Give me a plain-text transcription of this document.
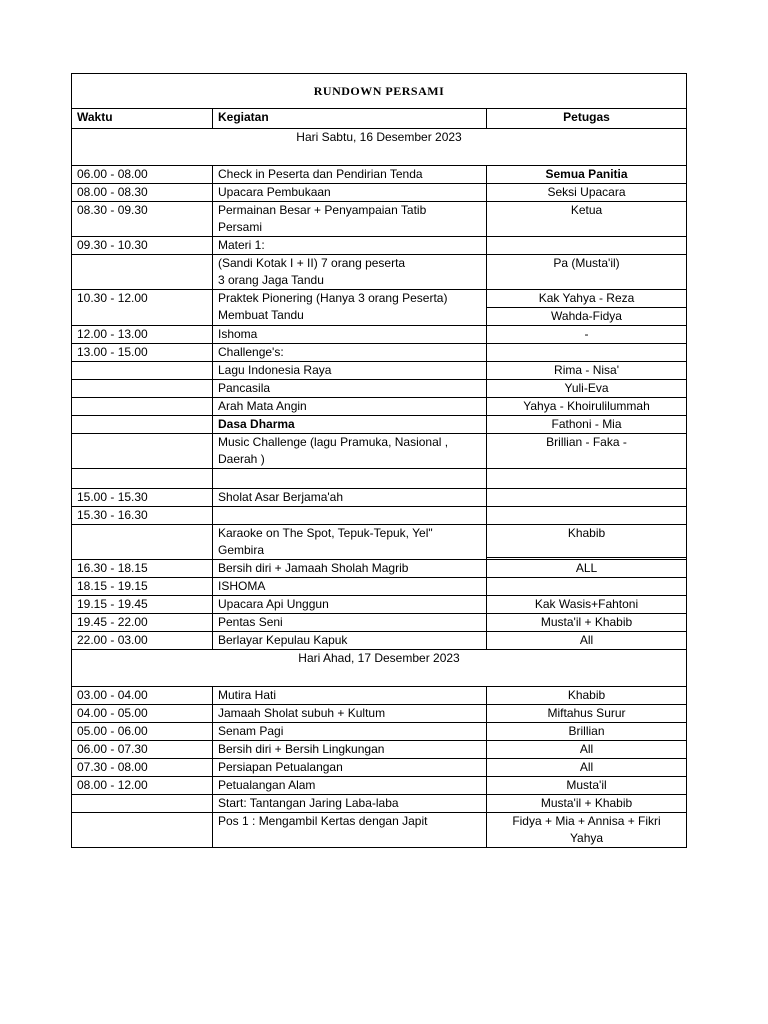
RUNDOWN PERSAMI		
Waktu	Kegiatan	Petugas
Hari Sabtu, 16 Desember 2023		
06.00 - 08.00	Check in Peserta dan Pendirian Tenda	Semua Panitia
08.00 - 08.30	Upacara Pembukaan	Seksi Upacara
08.30 - 09.30	Permainan Besar + Penyampaian Tatib
Persami	Ketua
09.30 - 10.30	Materi 1:	
	(Sandi Kotak I + II) 7 orang peserta
3 orang Jaga Tandu	Pa (Musta'il)
10.30 - 12.00	Praktek Pionering (Hanya 3 orang Peserta)
Membuat Tandu	Kak Yahya - Reza
		Wahda-Fidya
12.00 - 13.00	Ishoma	-
13.00 - 15.00	Challenge's:	
	Lagu Indonesia Raya	Rima - Nisa'
	Pancasila	Yuli-Eva
	Arah Mata Angin	Yahya - Khoirulilummah
	Dasa Dharma	Fathoni - Mia
	Music Challenge (lagu Pramuka, Nasional ,
Daerah )	Brillian - Faka -

15.00 - 15.30	Sholat Asar Berjama'ah	
15.30 - 16.30		
	Karaoke on The Spot, Tepuk-Tepuk, Yel"
Gembira	Khabib

16.30 - 18.15	Bersih diri + Jamaah Sholah Magrib	ALL
18.15 - 19.15	ISHOMA	
19.15 - 19.45	Upacara Api Unggun	Kak Wasis+Fahtoni
19.45 - 22.00	Pentas Seni	Musta'il + Khabib
22.00 - 03.00	Berlayar Kepulau Kapuk	All
Hari Ahad, 17 Desember 2023		
03.00 - 04.00	Mutira Hati	Khabib
04.00 - 05.00	Jamaah Sholat subuh + Kultum	Miftahus Surur
05.00 - 06.00	Senam Pagi	Brillian
06.00 - 07.30	Bersih diri + Bersih Lingkungan	All
07.30 - 08.00	Persiapan Petualangan	All
08.00 - 12.00	Petualangan Alam	Musta'il
	Start: Tantangan Jaring Laba-laba	Musta'il + Khabib
	Pos 1 : Mengambil Kertas dengan Japit	Fidya + Mia + Annisa + Fikri
Yahya
